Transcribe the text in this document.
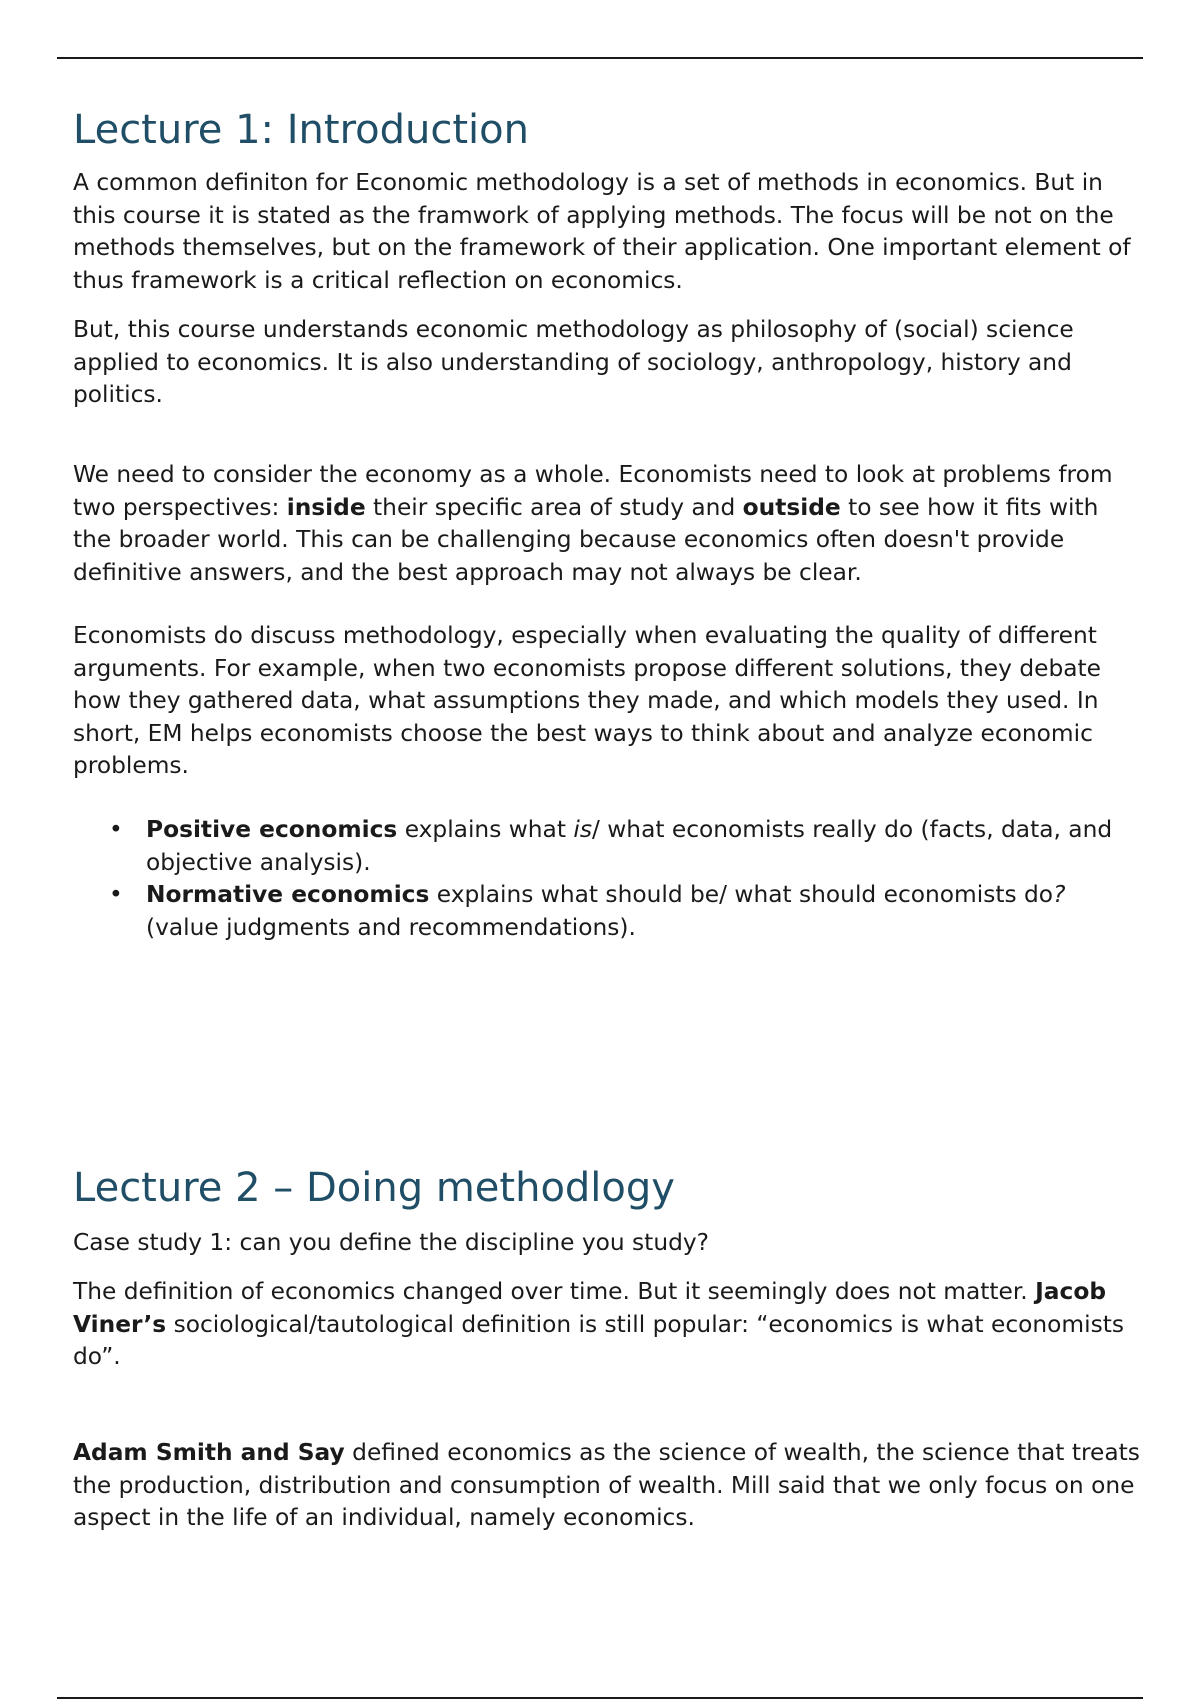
Lecture 1: Introduction

A common definiton for Economic methodology is a set of methods in economics. But in this course it is stated as the framwork of applying methods. The focus will be not on the methods themselves, but on the framework of their application. One important element of thus framework is a critical reflection on economics.

But, this course understands economic methodology as philosophy of (social) science applied to economics. It is also understanding of sociology, anthropology, history and politics.

We need to consider the economy as a whole. Economists need to look at problems from two perspectives: inside their specific area of study and outside to see how it fits with the broader world. This can be challenging because economics often doesn't provide definitive answers, and the best approach may not always be clear.

Economists do discuss methodology, especially when evaluating the quality of different arguments. For example, when two economists propose different solutions, they debate how they gathered data, what assumptions they made, and which models they used. In short, EM helps economists choose the best ways to think about and analyze economic problems.

• Positive economics explains what is/ what economists really do (facts, data, and objective analysis).
• Normative economics explains what should be/ what should economists do? (value judgments and recommendations).
Lecture 2 – Doing methodlogy

Case study 1: can you define the discipline you study?

The definition of economics changed over time. But it seemingly does not matter. Jacob Viner’s sociological/tautological definition is still popular: “economics is what economists do”.

Adam Smith and Say defined economics as the science of wealth, the science that treats the production, distribution and consumption of wealth. Mill said that we only focus on one aspect in the life of an individual, namely economics.
